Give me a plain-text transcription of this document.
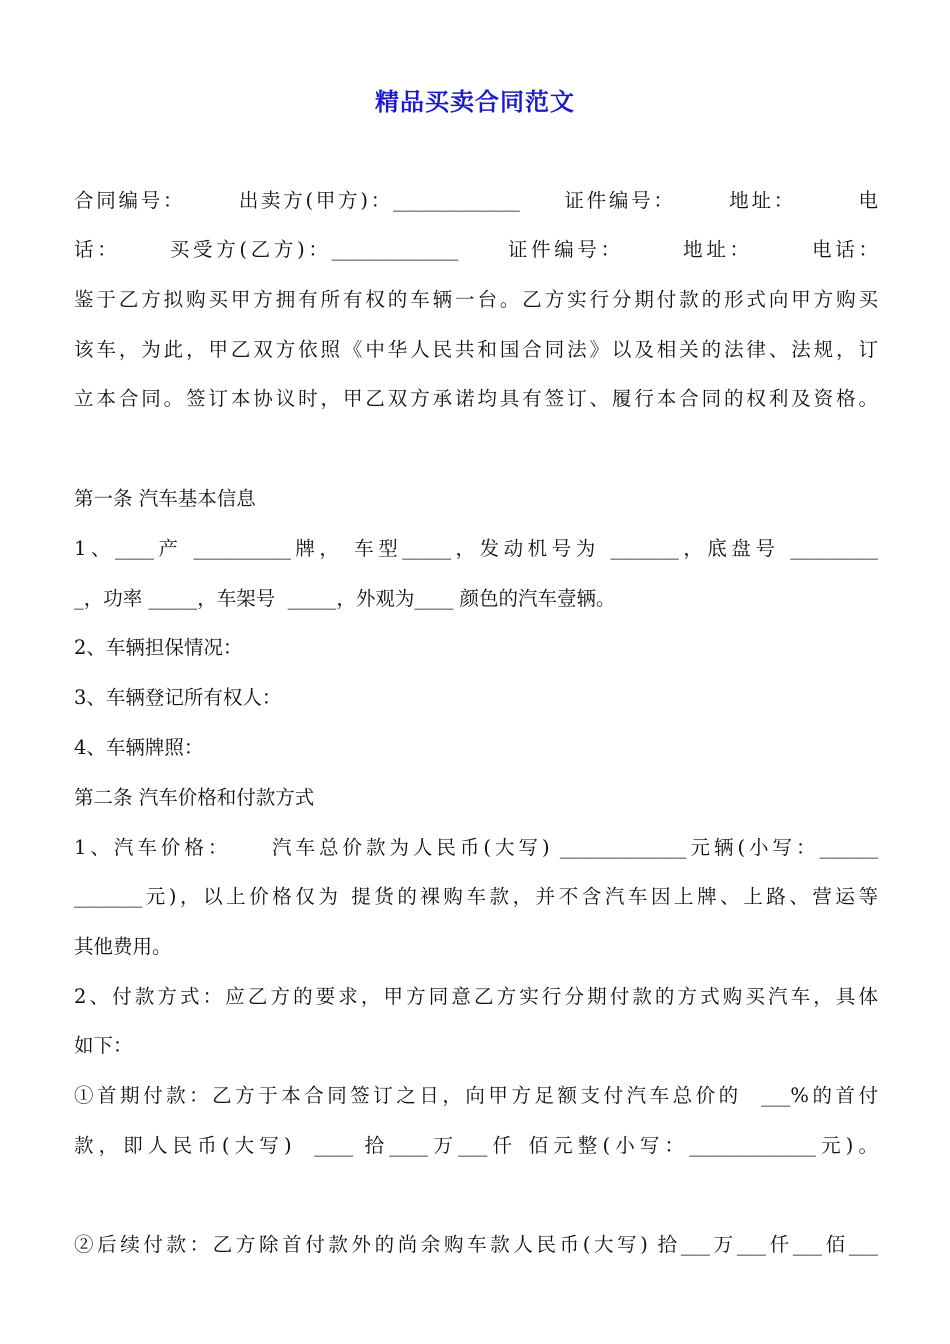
精品买卖合同范文
合同编号：      出卖方(甲方)：_____________     证件编号：      地址：       电
话：     买受方(乙方)：_____________     证件编号：      地址：      电话：
鉴于乙方拟购买甲方拥有所有权的车辆一台。乙方实行分期付款的形式向甲方购买
该车，为此，甲乙双方依照《中华人民共和国合同法》以及相关的法律、法规，订
立本合同。签订本协议时，甲乙双方承诺均具有签订、履行本合同的权利及资格。
第一条 汽车基本信息
1、____产 __________牌， 车型_____，发动机号为 _______，底盘号 _________
_，功率 _____，车架号  _____，外观为____ 颜色的汽车壹辆。
2、车辆担保情况：
3、车辆登记所有权人：
4、车辆牌照：
第二条 汽车价格和付款方式
1、汽车价格：    汽车总价款为人民币(大写) _____________元辆(小写：______
_______元)，以上价格仅为 提货的裸购车款，并不含汽车因上牌、上路、营运等
其他费用。
2、付款方式：应乙方的要求，甲方同意乙方实行分期付款的方式购买汽车，具体
如下：
①首期付款：乙方于本合同签订之日，向甲方足额支付汽车总价的  ___%的首付
款，即人民币(大写)  ____ 拾____万___仟 佰元整(小写：_____________元)。
②后续付款：乙方除首付款外的尚余购车款人民币(大写) 拾___万___仟___佰___
